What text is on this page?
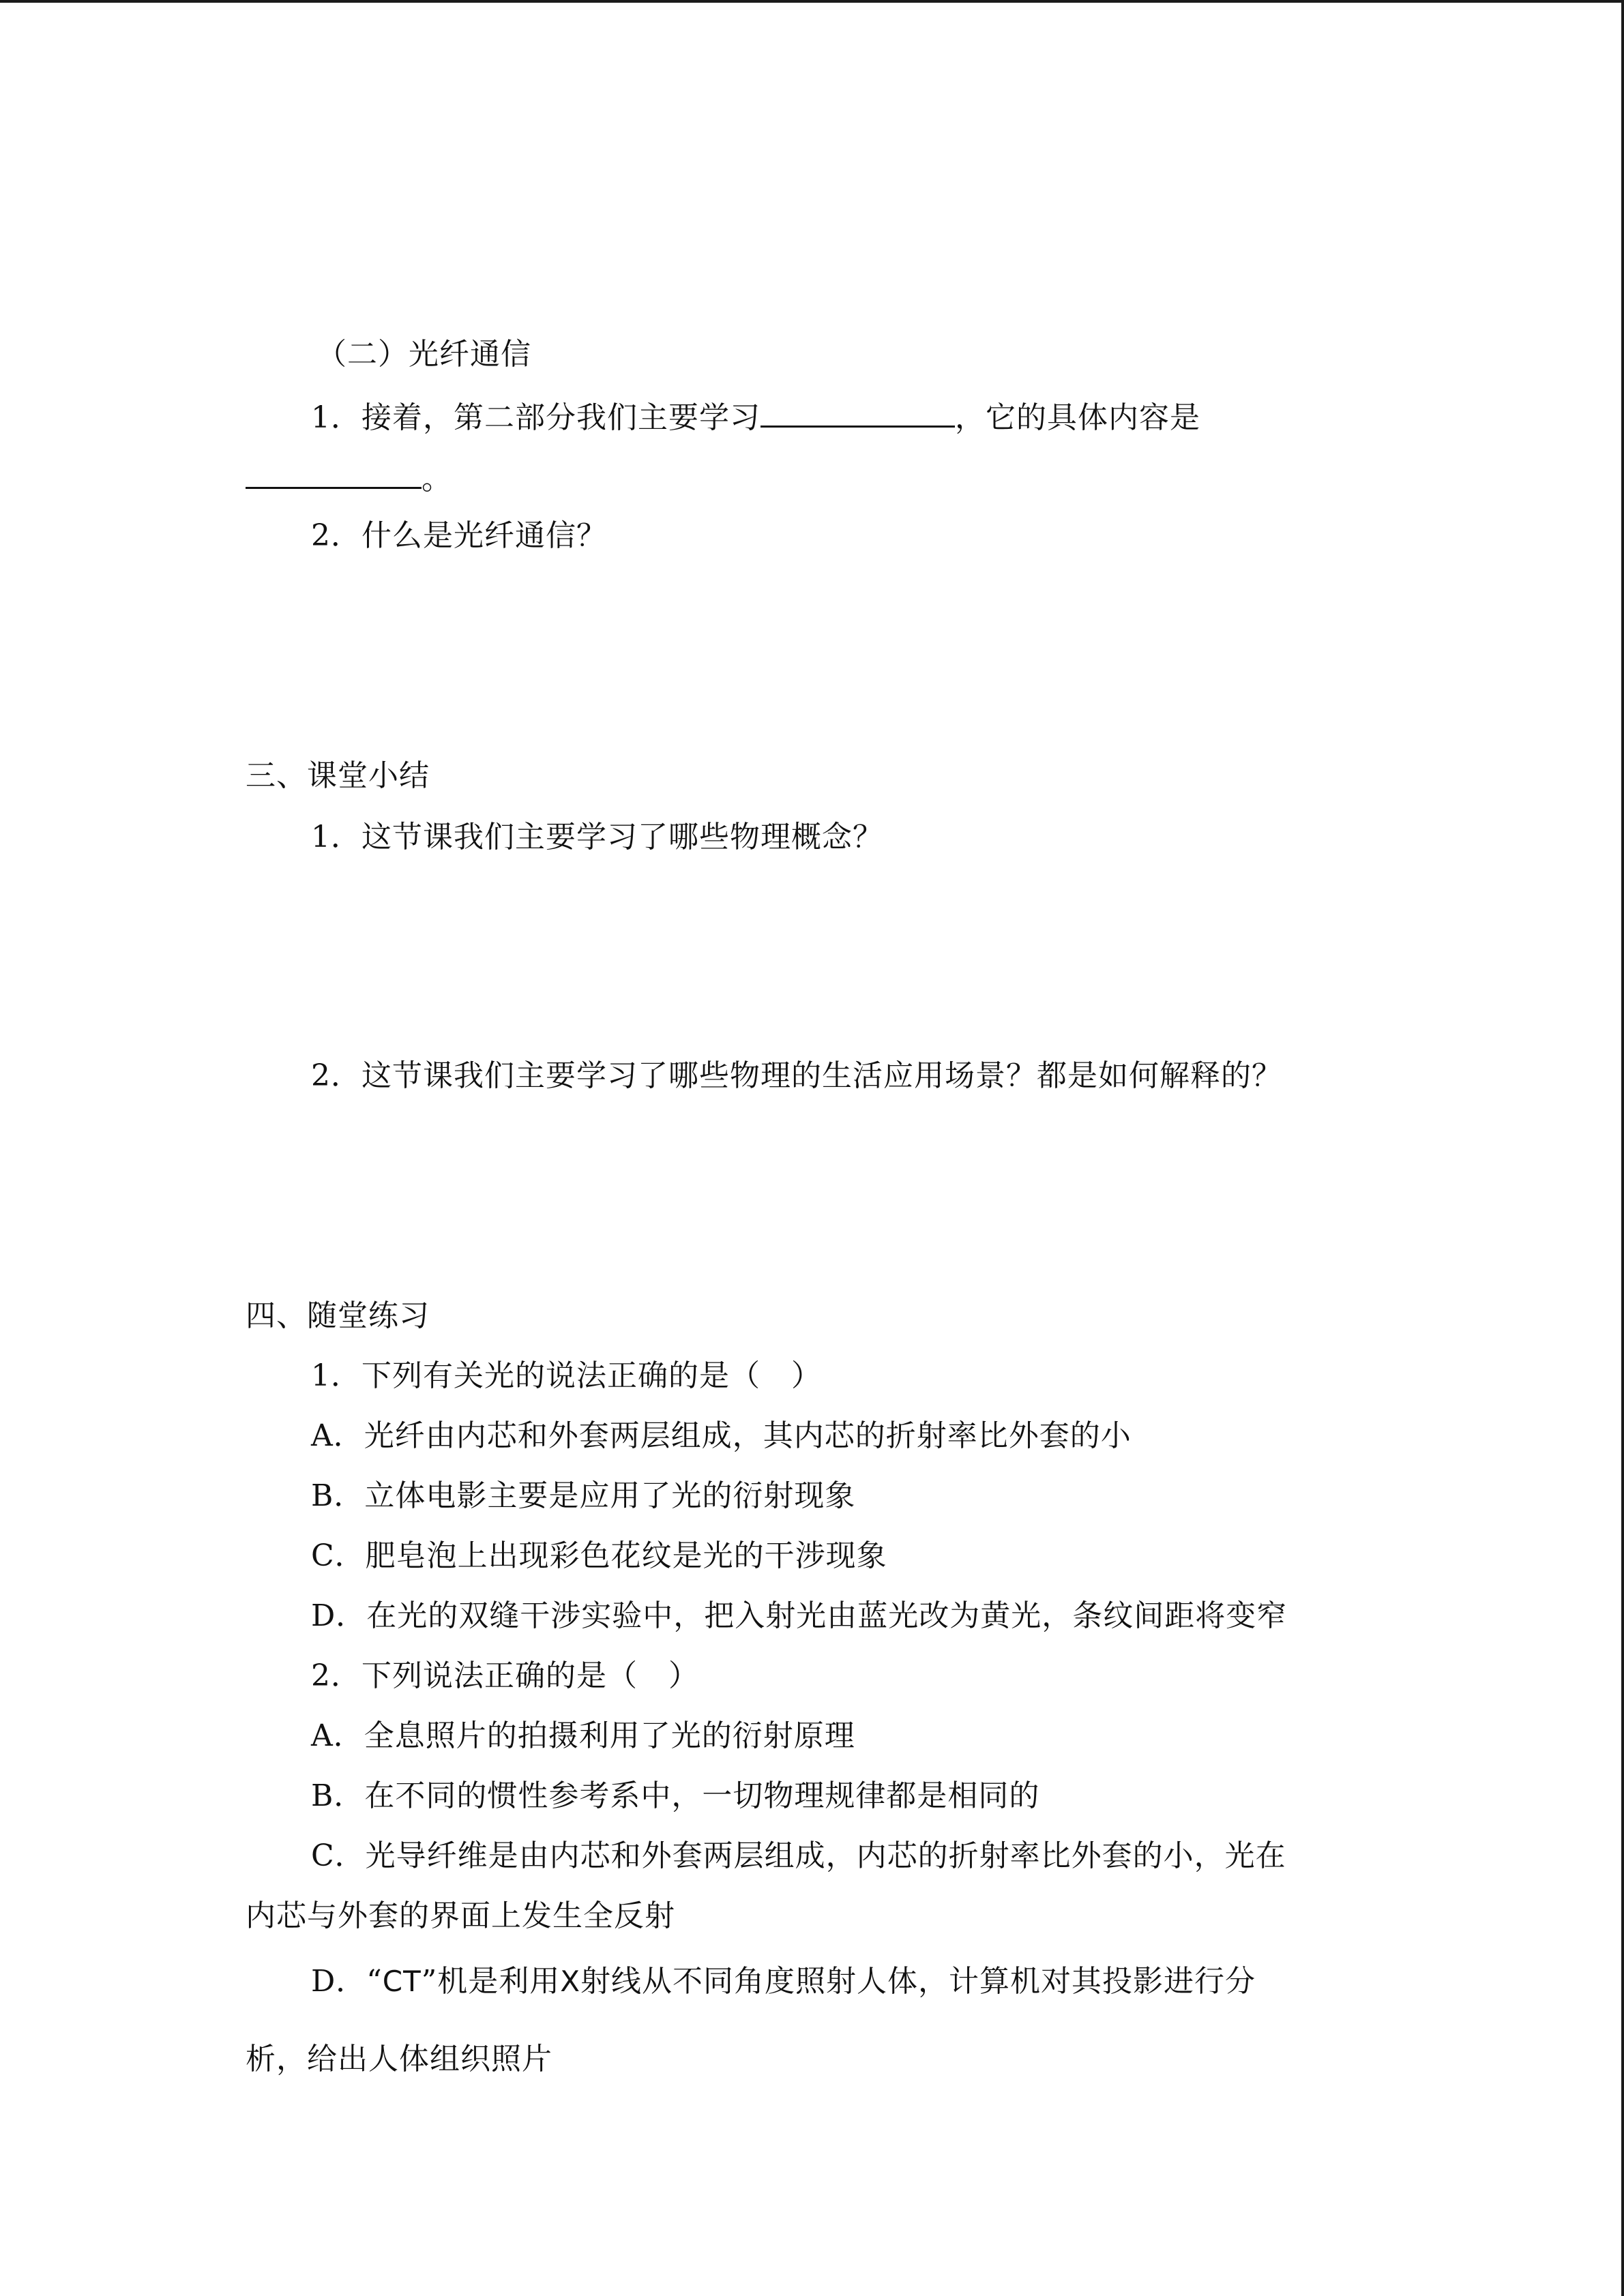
（二）光纤通信
1．接着，第二部分我们主要学习	，它的具体内容是
。
2．什么是光纤通信？
三、课堂小结
1．这节课我们主要学习了哪些物理概念？
2．这节课我们主要学习了哪些物理的生活应用场景？都是如何解释的？
四、随堂练习
1．下列有关光的说法正确的是（　）
A．光纤由内芯和外套两层组成，其内芯的折射率比外套的小
B．立体电影主要是应用了光的衍射现象
C．肥皂泡上出现彩色花纹是光的干涉现象
D．在光的双缝干涉实验中，把入射光由蓝光改为黄光，条纹间距将变窄
2．下列说法正确的是（　）
A．全息照片的拍摄利用了光的衍射原理
B．在不同的惯性参考系中，一切物理规律都是相同的
C．光导纤维是由内芯和外套两层组成，内芯的折射率比外套的小，光在
内芯与外套的界面上发生全反射
D．“CT”机是利用X射线从不同角度照射人体，计算机对其投影进行分
析，给出人体组织照片
